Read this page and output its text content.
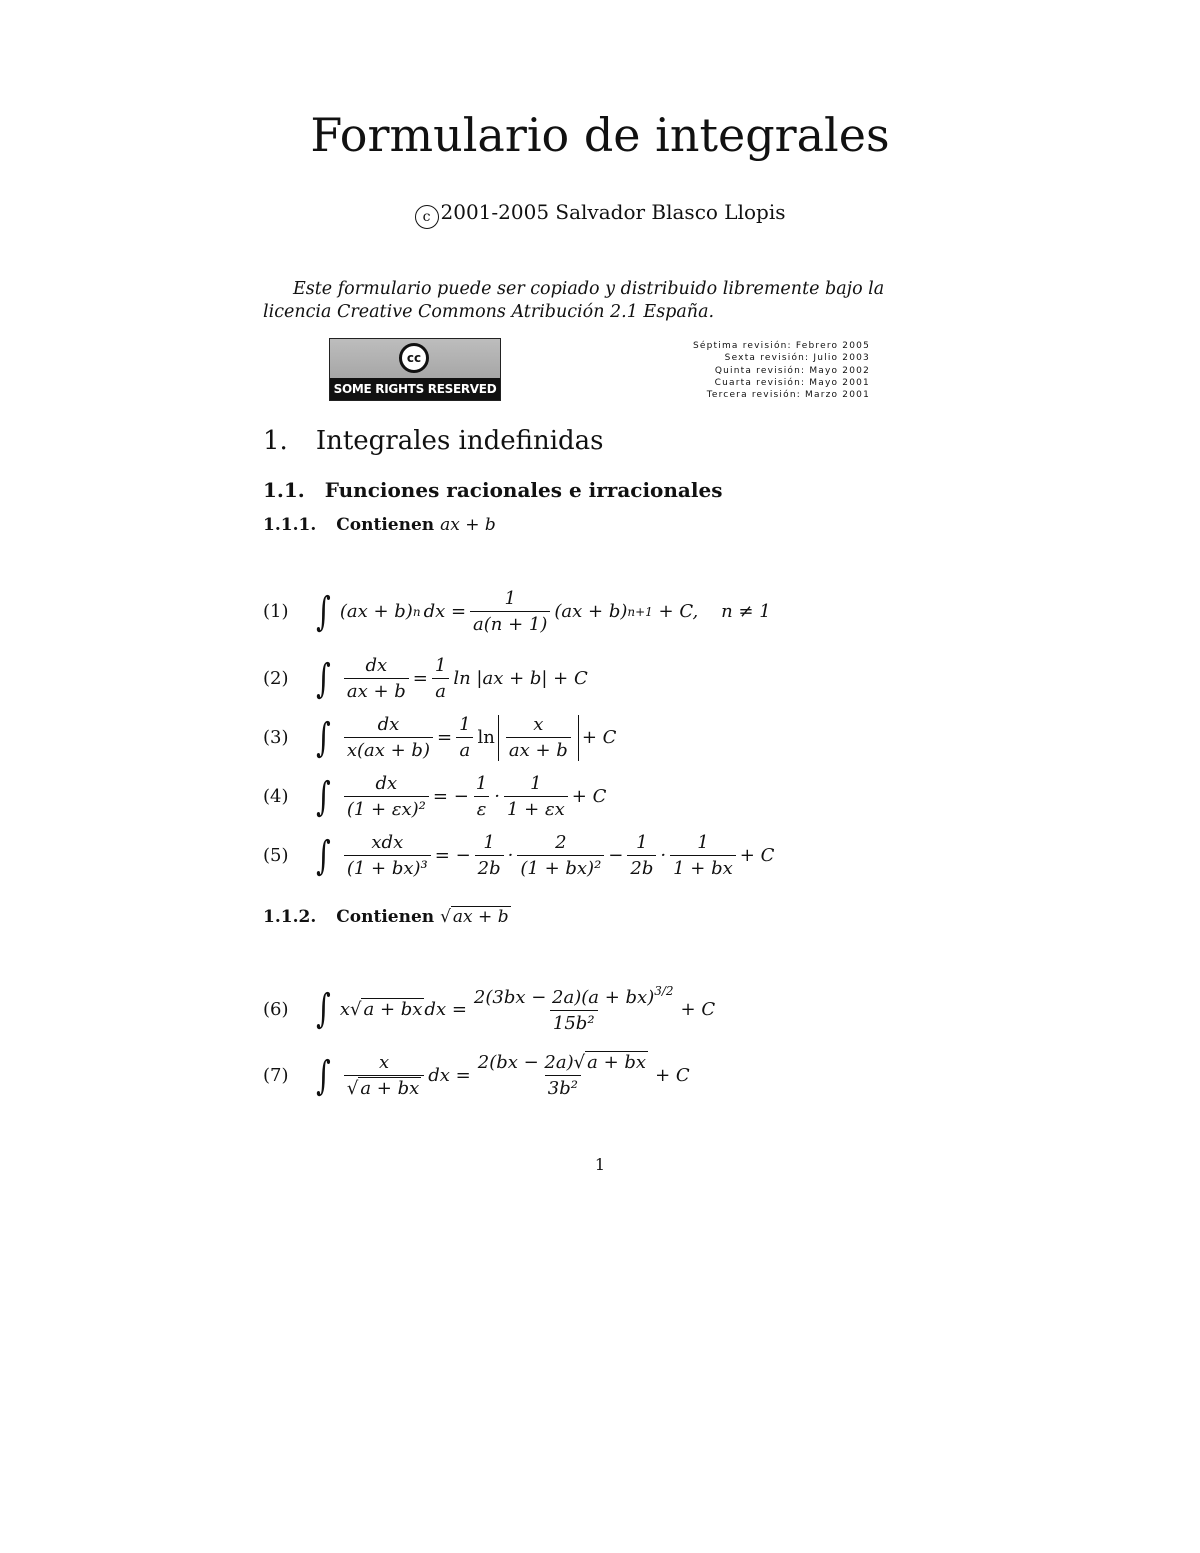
Formulario de integrales
c 2001-2005 Salvador Blasco Llopis

Este formulario puede ser copiado y distribuido libremente bajo la licencia Creative Commons Atribución 2.1 España.

cc
SOME RIGHTS RESERVED
Séptima revisión: Febrero 2005
Sexta revisión: Julio 2003
Quinta revisión: Mayo 2002
Cuarta revisión: Mayo 2001
Tercera revisión: Marzo 2001
1. Integrales indefinidas
1.1. Funciones racionales e irracionales
1.1.1. Contienen ax + b
(1) ∫ (ax + b) n dx = $\frac{1}{a(n + 1)} (ax + b) n+1 + C$,    n ≠ 1
(2) ∫ $\frac{dx}{ax + b} = \frac{1}{a}$ ln |ax + b| + C
(3) ∫ $\frac{dx}{x(ax + b)} = \frac{1}{a}$ $\ln \frac{x}{ax + b} + C$
(4) ∫ $\frac{dx}{\text{(1 + εx)²}}$ = − $\frac{1}{\varepsilon} \cdot \frac{1}{1 + \varepsilon x} + C$
(5) ∫ $\frac{\text{xdx}}{\text{(1 + bx)³}}$ = − $\frac{1}{2b} \cdot \frac{2}{\text{(1 + bx)²}} - \frac{1}{2b} \cdot \frac{1}{1 + bx} + C$
1.1.2. Contienen √ ax + b
(6) ∫ x √ a + bx dx = $\frac{2(3bx - 2a)(a + bx)^{3/2}}{\text{15b²}} + C$
(7) ∫ $\frac{x}{√ a + bx}$ dx = $\frac{2(bx - 2a)√ a + bx}{\text{3b²}} + C$
1
